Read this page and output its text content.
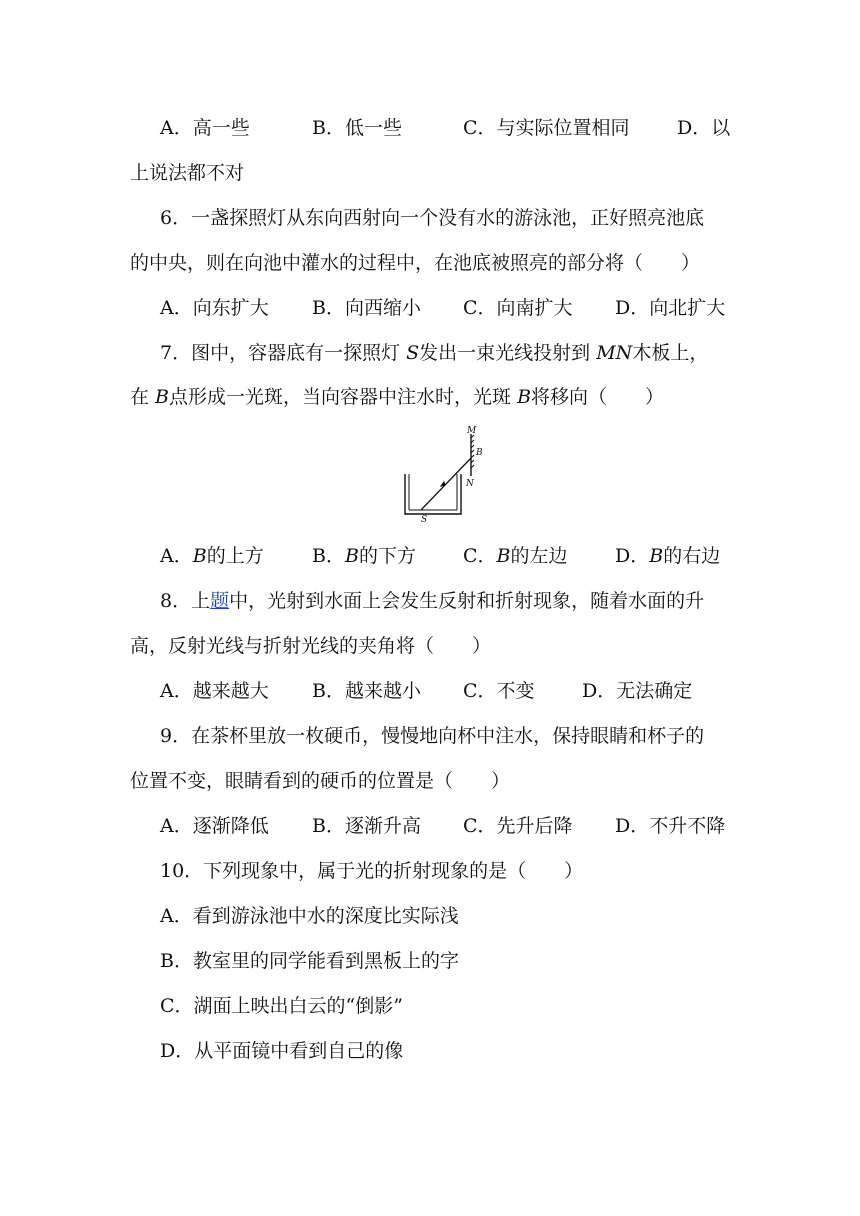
A．高一些	B．低一些	C．与实际位置相同 D．以
上说法都不对
6．一盏探照灯从东向西射向一个没有水的游泳池，正好照亮池底
的中央，则在向池中灌水的过程中，在池底被照亮的部分将（　　）
A．向东扩大 B．向西缩小 C．向南扩大 D．向北扩大
7．图中，容器底有一探照灯 S发出一束光线投射到 MN木板上，
在 B点形成一光斑，当向容器中注水时，光斑 B将移向（　　）
M
B
N
S
A．B的上方	B．B的下方 C．B的左边 D．B的右边
8．上题中，光射到水面上会发生反射和折射现象，随着水面的升
高，反射光线与折射光线的夹角将（　　）
A．越来越大 B．越来越小 C．不变 D．无法确定
9．在茶杯里放一枚硬币，慢慢地向杯中注水，保持眼睛和杯子的
位置不变，眼睛看到的硬币的位置是（　　）
A．逐渐降低 B．逐渐升高 C．先升后降 D．不升不降
10．下列现象中，属于光的折射现象的是（　　）
A．看到游泳池中水的深度比实际浅
B．教室里的同学能看到黑板上的字
C．湖面上映出白云的“倒影”
D．从平面镜中看到自己的像
